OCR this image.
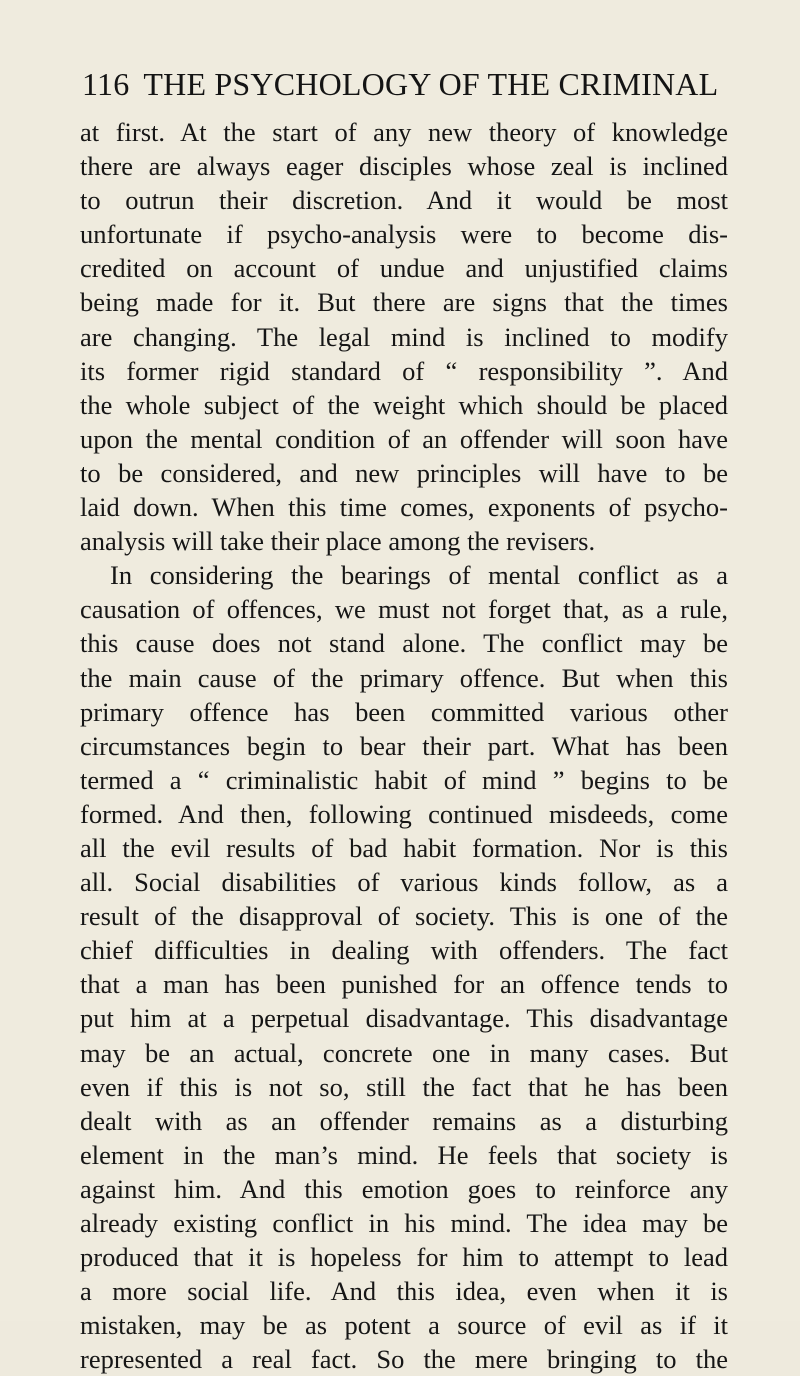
116 THE PSYCHOLOGY OF THE CRIMINAL
at first. At the start of any new theory of knowledge
there are always eager disciples whose zeal is inclined
to outrun their discretion. And it would be most
unfortunate if psycho-analysis were to become dis-
credited on account of undue and unjustified claims
being made for it. But there are signs that the times
are changing. The legal mind is inclined to modify
its former rigid standard of “ responsibility ”. And
the whole subject of the weight which should be placed
upon the mental condition of an offender will soon have
to be considered, and new principles will have to be
laid down. When this time comes, exponents of psycho-
analysis will take their place among the revisers.
In considering the bearings of mental conflict as a
causation of offences, we must not forget that, as a rule,
this cause does not stand alone. The conflict may be
the main cause of the primary offence. But when this
primary offence has been committed various other
circumstances begin to bear their part. What has been
termed a “ criminalistic habit of mind ” begins to be
formed. And then, following continued misdeeds, come
all the evil results of bad habit formation. Nor is this
all. Social disabilities of various kinds follow, as a
result of the disapproval of society. This is one of the
chief difficulties in dealing with offenders. The fact
that a man has been punished for an offence tends to
put him at a perpetual disadvantage. This disadvantage
may be an actual, concrete one in many cases. But
even if this is not so, still the fact that he has been
dealt with as an offender remains as a disturbing
element in the man’s mind. He feels that society is
against him. And this emotion goes to reinforce any
already existing conflict in his mind. The idea may be
produced that it is hopeless for him to attempt to lead
a more social life. And this idea, even when it is
mistaken, may be as potent a source of evil as if it
represented a real fact. So the mere bringing to the
